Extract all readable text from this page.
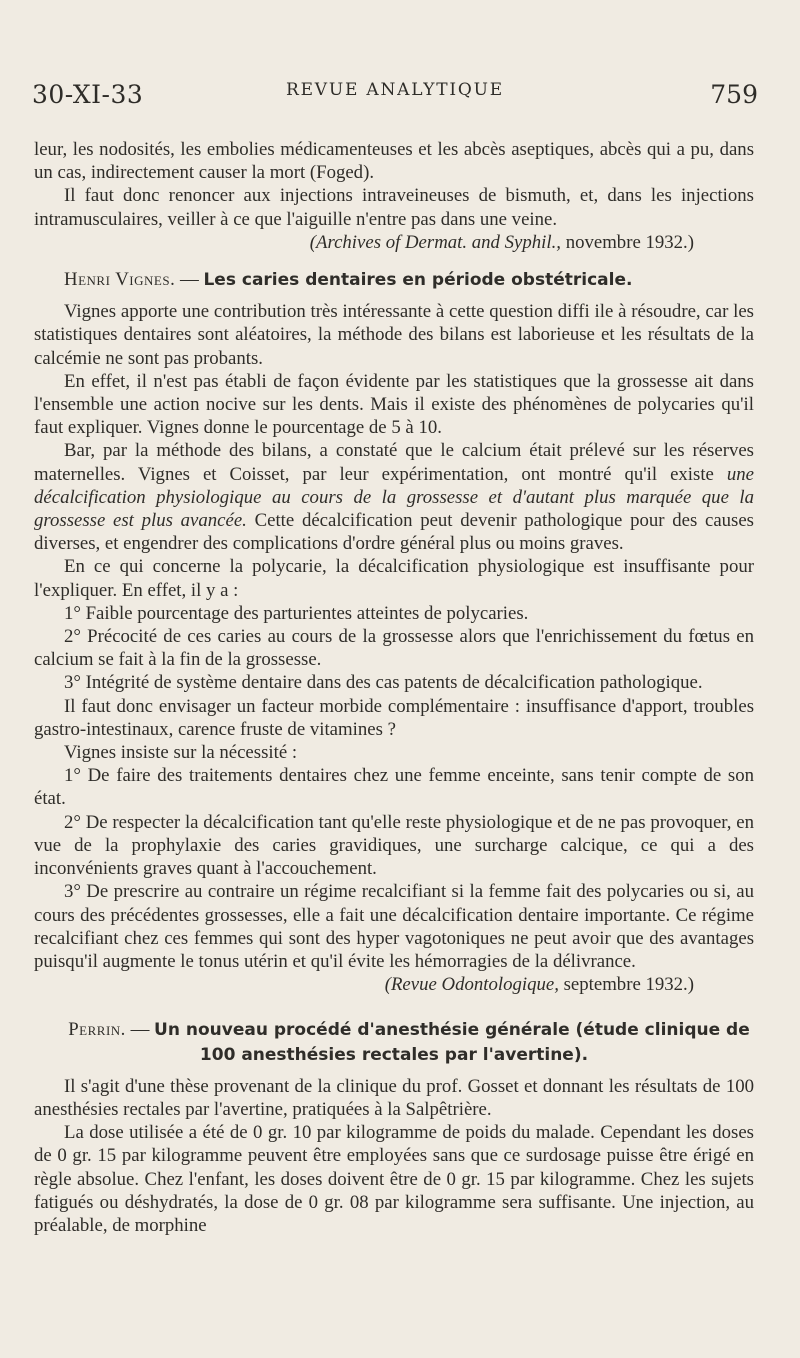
30-XI-33	REVUE ANALYTIQUE	759

leur, les nodosités, les embolies médicamenteuses et les abcès aseptiques, abcès qui a pu, dans un cas, indirectement causer la mort (Foged).

Il faut donc renoncer aux injections intraveineuses de bismuth, et, dans les injections intramusculaires, veiller à ce que l'aiguille n'entre pas dans une veine.

(Archives of Dermat. and Syphil., novembre 1932.)

Henri Vignes. — Les caries dentaires en période obstétricale.

Vignes apporte une contribution très intéressante à cette question diffi ile à résoudre, car les statistiques dentaires sont aléatoires, la méthode des bilans est laborieuse et les résultats de la calcémie ne sont pas probants.

En effet, il n'est pas établi de façon évidente par les statistiques que la grossesse ait dans l'ensemble une action nocive sur les dents. Mais il existe des phénomènes de polycaries qu'il faut expliquer. Vignes donne le pourcentage de 5 à 10.

Bar, par la méthode des bilans, a constaté que le calcium était prélevé sur les réserves maternelles. Vignes et Coisset, par leur expérimentation, ont montré qu'il existe une décalcification physiologique au cours de la grossesse et d'autant plus marquée que la grossesse est plus avancée. Cette décalcification peut devenir pathologique pour des causes diverses, et engendrer des complications d'ordre général plus ou moins graves.

En ce qui concerne la polycarie, la décalcification physiologique est insuffisante pour l'expliquer. En effet, il y a :

1° Faible pourcentage des parturientes atteintes de polycaries.

2° Précocité de ces caries au cours de la grossesse alors que l'enrichissement du fœtus en calcium se fait à la fin de la grossesse.

3° Intégrité de système dentaire dans des cas patents de décalcification pathologique.

Il faut donc envisager un facteur morbide complémentaire : insuffisance d'apport, troubles gastro-intestinaux, carence fruste de vitamines ?

Vignes insiste sur la nécessité :

1° De faire des traitements dentaires chez une femme enceinte, sans tenir compte de son état.

2° De respecter la décalcification tant qu'elle reste physiologique et de ne pas provoquer, en vue de la prophylaxie des caries gravidiques, une surcharge calcique, ce qui a des inconvénients graves quant à l'accouchement.

3° De prescrire au contraire un régime recalcifiant si la femme fait des polycaries ou si, au cours des précédentes grossesses, elle a fait une décalcification dentaire importante. Ce régime recalcifiant chez ces femmes qui sont des hyper vagotoniques ne peut avoir que des avantages puisqu'il augmente le tonus utérin et qu'il évite les hémorragies de la délivrance.

(Revue Odontologique, septembre 1932.)

Perrin. — Un nouveau procédé d'anesthésie générale (étude clinique de 100 anesthésies rectales par l'avertine).

Il s'agit d'une thèse provenant de la clinique du prof. Gosset et donnant les résultats de 100 anesthésies rectales par l'avertine, pratiquées à la Salpêtrière.

La dose utilisée a été de 0 gr. 10 par kilogramme de poids du malade. Cependant les doses de 0 gr. 15 par kilogramme peuvent être employées sans que ce surdosage puisse être érigé en règle absolue. Chez l'enfant, les doses doivent être de 0 gr. 15 par kilogramme. Chez les sujets fatigués ou déshydratés, la dose de 0 gr. 08 par kilogramme sera suffisante. Une injection, au préalable, de morphine
